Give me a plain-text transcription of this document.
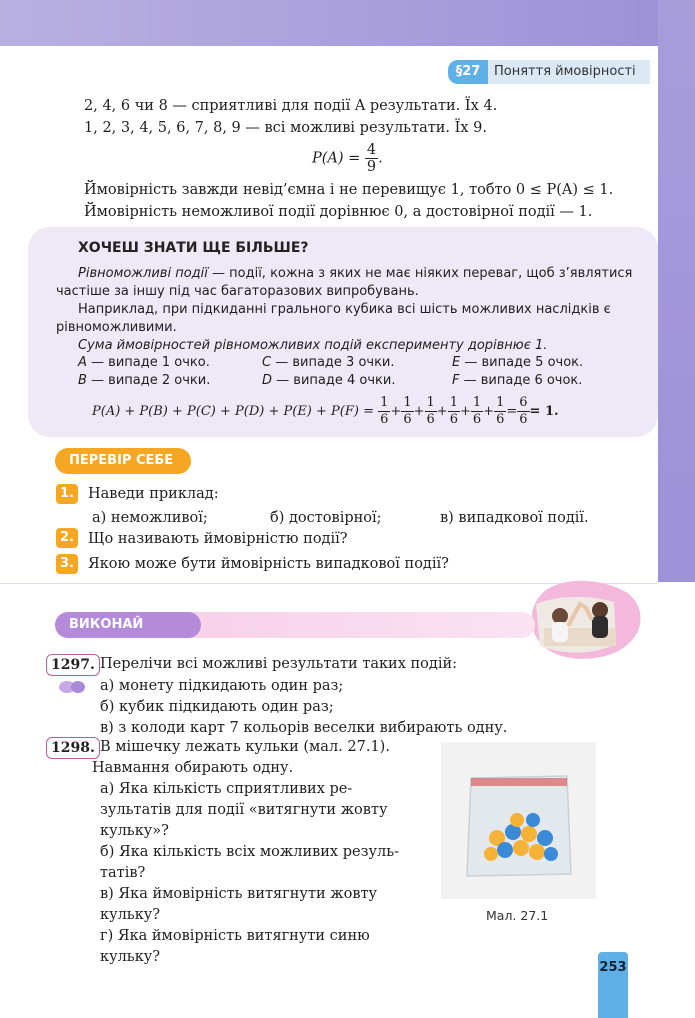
§27	Поняття ймовірності
2, 4, 6 чи 8 — сприятливі для події A результати. Їх 4.
1, 2, 3, 4, 5, 6, 7, 8, 9 — всі можливі результати. Їх 9.
$P(A) = \frac{4}{9}$ .
Ймовірність завжди невід’ємна і не перевищує 1, тобто 0 ≤ P(A) ≤ 1.
Ймовірність неможливої події дорівнює 0, а достовірної події — 1.
ХОЧЕШ ЗНАТИ ЩЕ БІЛЬШЕ?
Рівноможливі події — події, кожна з яких не має ніяких переваг, щоб з’являтися
частіше за іншу під час багаторазових випробувань.
Наприклад, при підкиданні грального кубика всі шість можливих наслідків є
рівноможливими.
Сума ймовірностей рівноможливих подій експерименту дорівнює 1.
A — випаде 1 очко.	C — випаде 3 очки.	E — випаде 5 очок.
B — випаде 2 очки.	D — випаде 4 очки.	F — випаде 6 очок.
$P(A) + P(B) + P(C) + P(D) + P(E) + P(F) = \frac{1}{6} + \frac{1}{6} + \frac{1}{6} + \frac{1}{6} + \frac{1}{6} + \frac{1}{6} = \frac{6}{6} = 1$.
ПЕРЕВІР СЕБЕ
1. Наведи приклад:
а) неможливої;	б) достовірної;	в) випадкової події.
2. Що називають ймовірністю події?
3. Якою може бути ймовірність випадкової події?
ВИКОНАЙ УСНО
1297. Перелічи всі можливі результати таких подій:
а) монету підкидають один раз;
б) кубик підкидають один раз;
в) з колоди карт 7 кольорів веселки вибирають одну.
1298. В мішечку лежать кульки (мал. 27.1).
Навмання обирають одну.
а) Яка кількість сприятливих ре-
зультатів для події «витягнути жовту
кульку»?
б) Яка кількість всіх можливих резуль-
татів?
в) Яка ймовірність витягнути жовту
кульку?
г) Яка ймовірність витягнути синю
кульку?
Мал. 27.1
253
